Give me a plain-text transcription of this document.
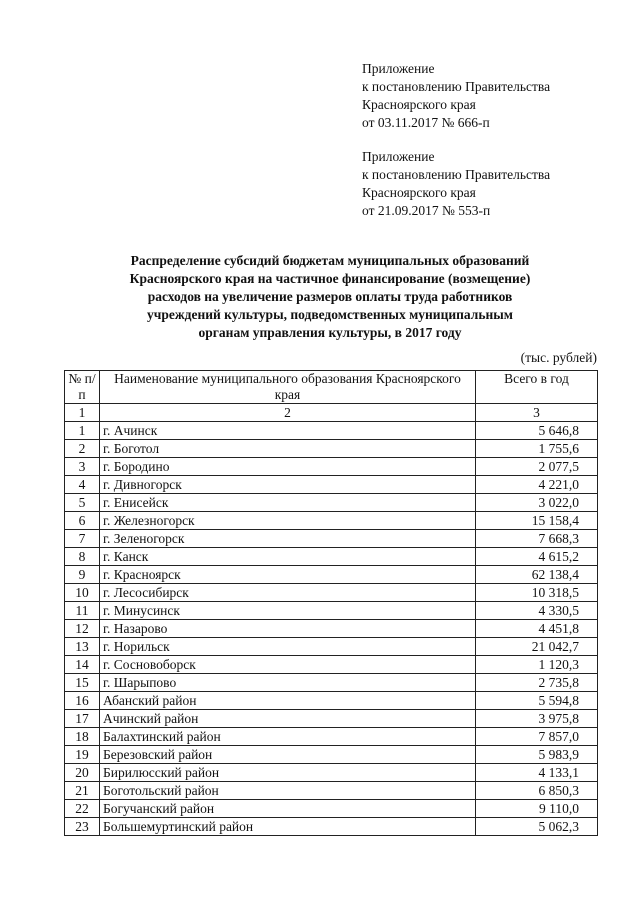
Приложение
к постановлению Правительства
Красноярского края
от 03.11.2017 № 666-п
Приложение
к постановлению Правительства
Красноярского края
от 21.09.2017 № 553-п
Распределение субсидий бюджетам муниципальных образований
Красноярского края на частичное финансирование (возмещение)
расходов на увеличение размеров оплаты труда работников
учреждений культуры, подведомственных муниципальным
органам управления культуры, в 2017 году
(тыс. рублей)
№ п/п	Наименование муниципального образования Красноярского края	Всего в год
1	2	3
1	г. Ачинск	5 646,8
2	г. Боготол	1 755,6
3	г. Бородино	2 077,5
4	г. Дивногорск	4 221,0
5	г. Енисейск	3 022,0
6	г. Железногорск	15 158,4
7	г. Зеленогорск	7 668,3
8	г. Канск	4 615,2
9	г. Красноярск	62 138,4
10	г. Лесосибирск	10 318,5
11	г. Минусинск	4 330,5
12	г. Назарово	4 451,8
13	г. Норильск	21 042,7
14	г. Сосновоборск	1 120,3
15	г. Шарыпово	2 735,8
16	Абанский район	5 594,8
17	Ачинский район	3 975,8
18	Балахтинский район	7 857,0
19	Березовский район	5 983,9
20	Бирилюсский район	4 133,1
21	Боготольский район	6 850,3
22	Богучанский район	9 110,0
23	Большемуртинский район	5 062,3
